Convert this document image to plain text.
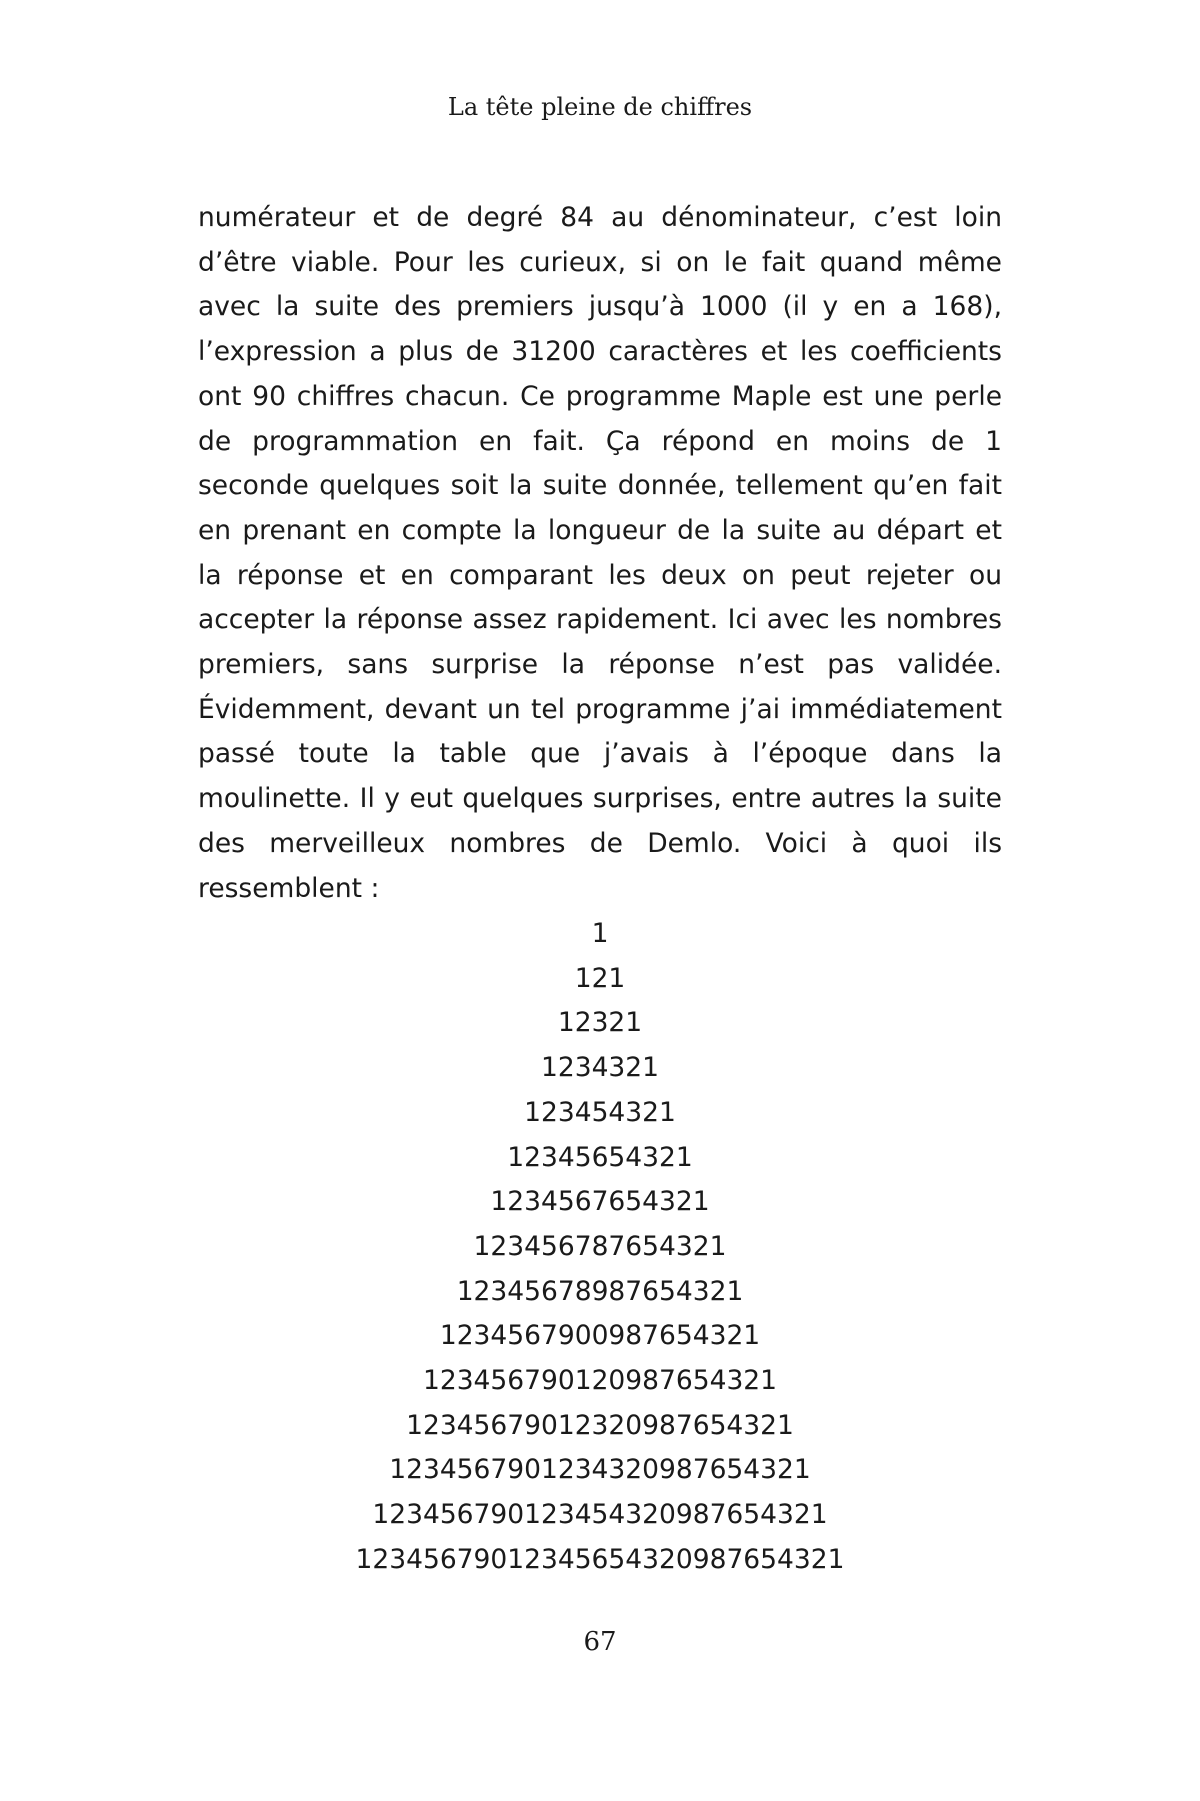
La tête pleine de chiffres

numérateur et de degré 84 au dénominateur, c’est loin d’être viable. Pour les curieux, si on le fait quand même avec la suite des premiers jusqu’à 1000 (il y en a 168), l’expression a plus de 31200 caractères et les coefficients ont 90 chiffres chacun. Ce programme Maple est une perle de programmation en fait. Ça répond en moins de 1 seconde quelques soit la suite donnée, tellement qu’en fait en prenant en compte la longueur de la suite au départ et la réponse et en comparant les deux on peut rejeter ou accepter la réponse assez rapidement. Ici avec les nombres premiers, sans surprise la réponse n’est pas validée. Évidemment, devant un tel programme j’ai immédiatement passé toute la table que j’avais à l’époque dans la moulinette. Il y eut quelques surprises, entre autres la suite des merveilleux nombres de Demlo. Voici à quoi ils ressemblent :

1
121
12321
1234321
123454321
12345654321
1234567654321
123456787654321
12345678987654321
1234567900987654321
123456790120987654321
12345679012320987654321
1234567901234320987654321
123456790123454320987654321
12345679012345654320987654321
67
